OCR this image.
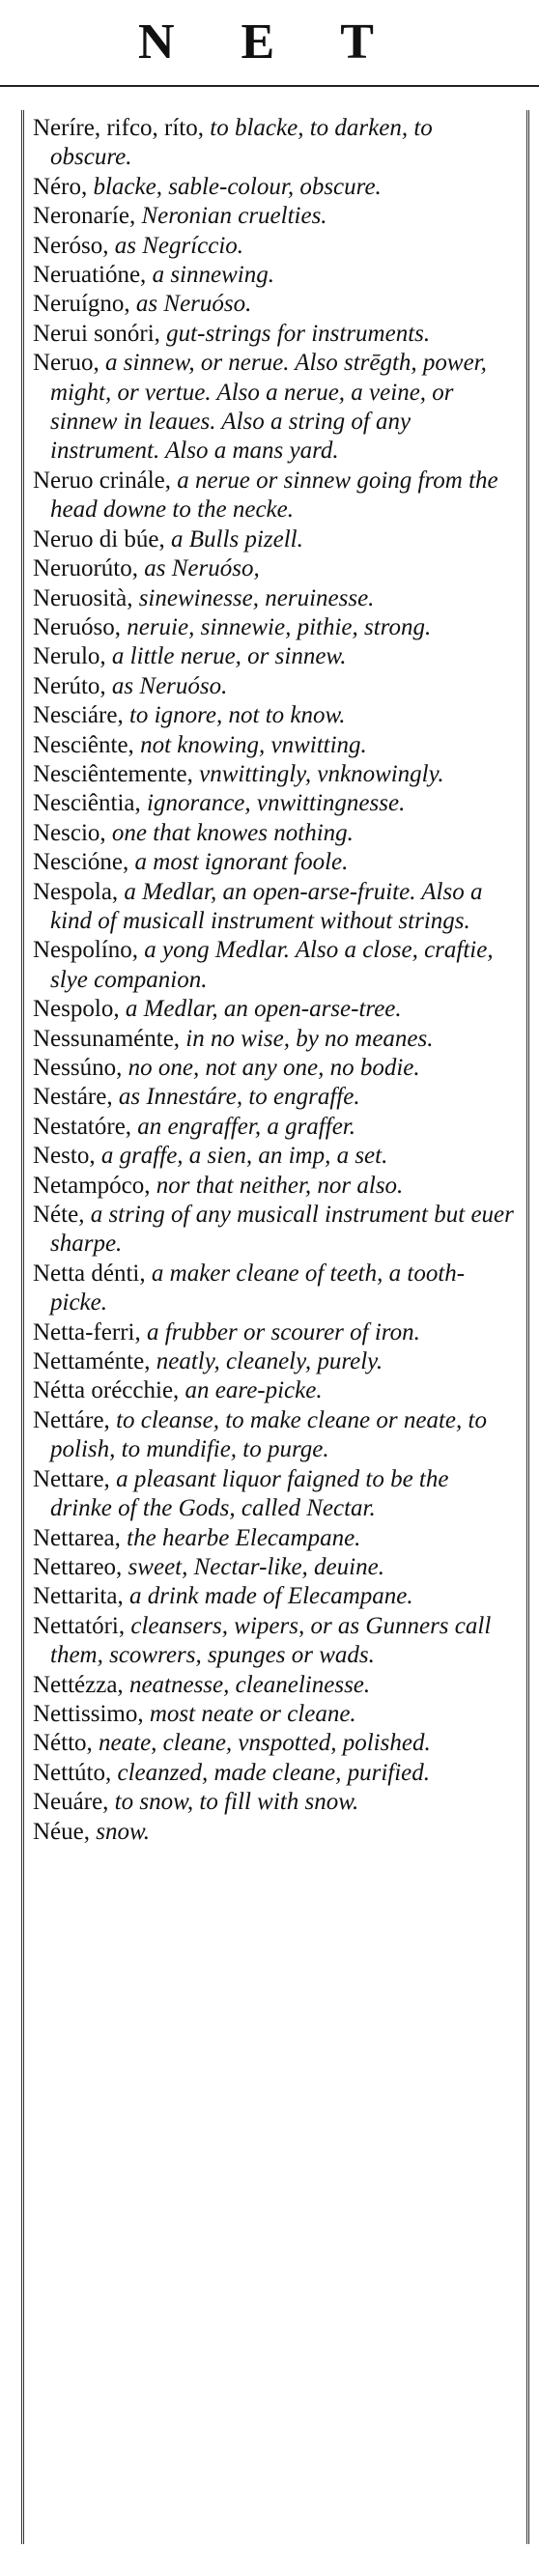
N E T

Neríre, rifco, ríto, to blacke, to darken, to obscure.

Néro, blacke, sable-colour, obscure.

Neronaríe, Neronian cruelties.

Neróso, as Negríccio.

Neruatióne, a sinnewing.

Neruígno, as Neruóso.

Nerui sonóri, gut-strings for instruments.

Neruo, a sinnew, or nerue. Also strēgth, power, might, or vertue. Also a nerue, a veine, or sinnew in leaues. Also a string of any instrument. Also a mans yard.

Neruo crinále, a nerue or sinnew going from the head downe to the necke.

Neruo di búe, a Bulls pizell.

Neruorúto, as Neruóso,

Neruosità, sinewinesse, neruinesse.

Neruóso, neruie, sinnewie, pithie, strong.

Nerulo, a little nerue, or sinnew.

Nerúto, as Neruóso.

Nesciáre, to ignore, not to know.

Nesciênte, not knowing, vnwitting.

Nesciêntemente, vnwittingly, vnknowingly.

Nesciêntia, ignorance, vnwittingnesse.

Nescio, one that knowes nothing.

Nescióne, a most ignorant foole.

Nespola, a Medlar, an open-arse-fruite. Also a kind of musicall instrument without strings.

Nespolíno, a yong Medlar. Also a close, craftie, slye companion.

Nespolo, a Medlar, an open-arse-tree.

Nessunaménte, in no wise, by no meanes.

Nessúno, no one, not any one, no bodie.

Nestáre, as Innestáre, to engraffe.

Nestatóre, an engraffer, a graffer.

Nesto, a graffe, a sien, an imp, a set.

Netampóco, nor that neither, nor also.

Néte, a string of any musicall instrument but euer sharpe.

Netta dénti, a maker cleane of teeth, a tooth-picke.

Netta-ferri, a frubber or scourer of iron.

Nettaménte, neatly, cleanely, purely.

Nétta orécchie, an eare-picke.

Nettáre, to cleanse, to make cleane or neate, to polish, to mundifie, to purge.

Nettare, a pleasant liquor faigned to be the drinke of the Gods, called Nectar.

Nettarea, the hearbe Elecampane.

Nettareo, sweet, Nectar-like, deuine.

Nettarita, a drink made of Elecampane.

Nettatóri, cleansers, wipers, or as Gunners call them, scowrers, spunges or wads.

Nettézza, neatnesse, cleanelinesse.

Nettissimo, most neate or cleane.

Nétto, neate, cleane, vnspotted, polished.

Nettúto, cleanzed, made cleane, purified.

Neuáre, to snow, to fill with snow.

Néue, snow.
